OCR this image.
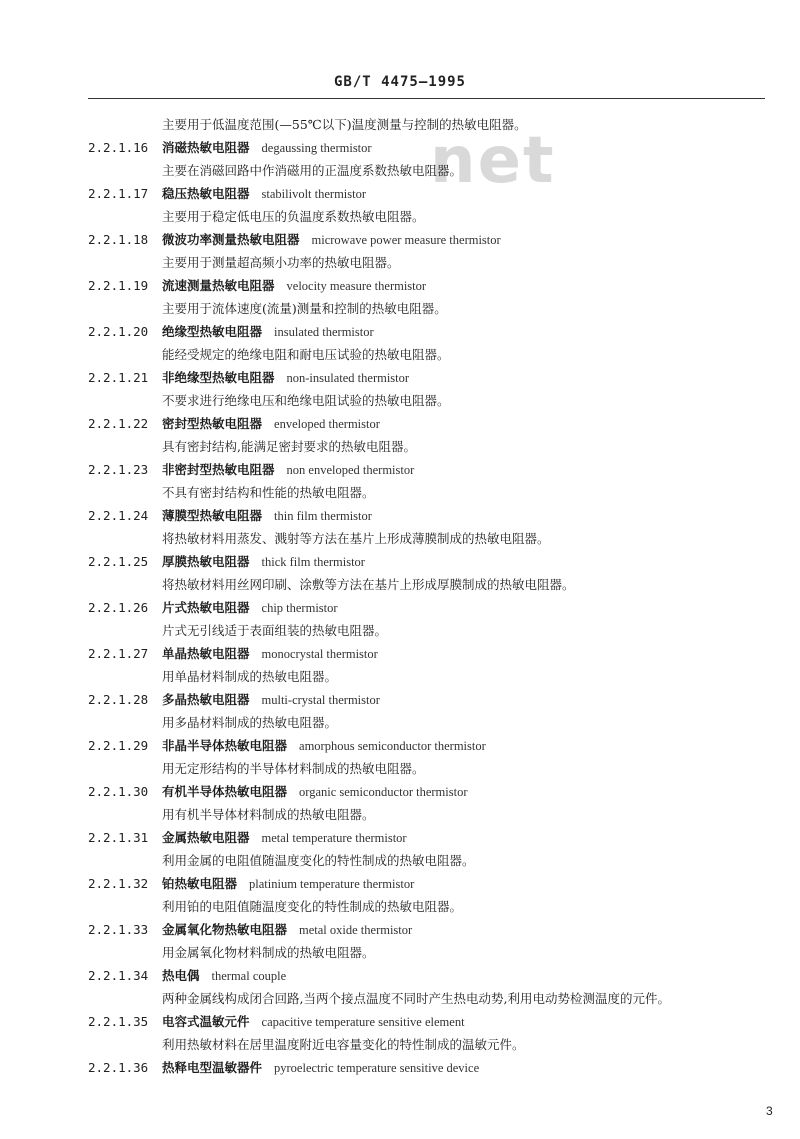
GB/T 4475—1995
net
主要用于低温度范围(—55℃以下)温度测量与控制的热敏电阻器。
2.2.1.16	消磁热敏电阻器 degaussing thermistor
主要在消磁回路中作消磁用的正温度系数热敏电阻器。
2.2.1.17	稳压热敏电阻器 stabilivolt thermistor
主要用于稳定低电压的负温度系数热敏电阻器。
2.2.1.18	微波功率测量热敏电阻器 microwave power measure thermistor
主要用于测量超高频小功率的热敏电阻器。
2.2.1.19	流速测量热敏电阻器 velocity measure thermistor
主要用于流体速度(流量)测量和控制的热敏电阻器。
2.2.1.20	绝缘型热敏电阻器 insulated thermistor
能经受规定的绝缘电阻和耐电压试验的热敏电阻器。
2.2.1.21	非绝缘型热敏电阻器 non-insulated thermistor
不要求进行绝缘电压和绝缘电阻试验的热敏电阻器。
2.2.1.22	密封型热敏电阻器 enveloped thermistor
具有密封结构,能满足密封要求的热敏电阻器。
2.2.1.23	非密封型热敏电阻器 non enveloped thermistor
不具有密封结构和性能的热敏电阻器。
2.2.1.24	薄膜型热敏电阻器 thin film thermistor
将热敏材料用蒸发、溅射等方法在基片上形成薄膜制成的热敏电阻器。
2.2.1.25	厚膜热敏电阻器 thick film thermistor
将热敏材料用丝网印刷、涂敷等方法在基片上形成厚膜制成的热敏电阻器。
2.2.1.26	片式热敏电阻器 chip thermistor
片式无引线适于表面组装的热敏电阻器。
2.2.1.27	单晶热敏电阻器 monocrystal thermistor
用单晶材料制成的热敏电阻器。
2.2.1.28	多晶热敏电阻器 multi-crystal thermistor
用多晶材料制成的热敏电阻器。
2.2.1.29	非晶半导体热敏电阻器 amorphous semiconductor thermistor
用无定形结构的半导体材料制成的热敏电阻器。
2.2.1.30	有机半导体热敏电阻器 organic semiconductor thermistor
用有机半导体材料制成的热敏电阻器。
2.2.1.31	金属热敏电阻器 metal temperature thermistor
利用金属的电阻值随温度变化的特性制成的热敏电阻器。
2.2.1.32	铂热敏电阻器 platinium temperature thermistor
利用铂的电阻值随温度变化的特性制成的热敏电阻器。
2.2.1.33	金属氧化物热敏电阻器 metal oxide thermistor
用金属氧化物材料制成的热敏电阻器。
2.2.1.34	热电偶 thermal couple
两种金属线构成闭合回路,当两个接点温度不同时产生热电动势,利用电动势检测温度的元件。
2.2.1.35	电容式温敏元件 capacitive temperature sensitive element
利用热敏材料在居里温度附近电容量变化的特性制成的温敏元件。
2.2.1.36	热释电型温敏器件 pyroelectric temperature sensitive device
3
